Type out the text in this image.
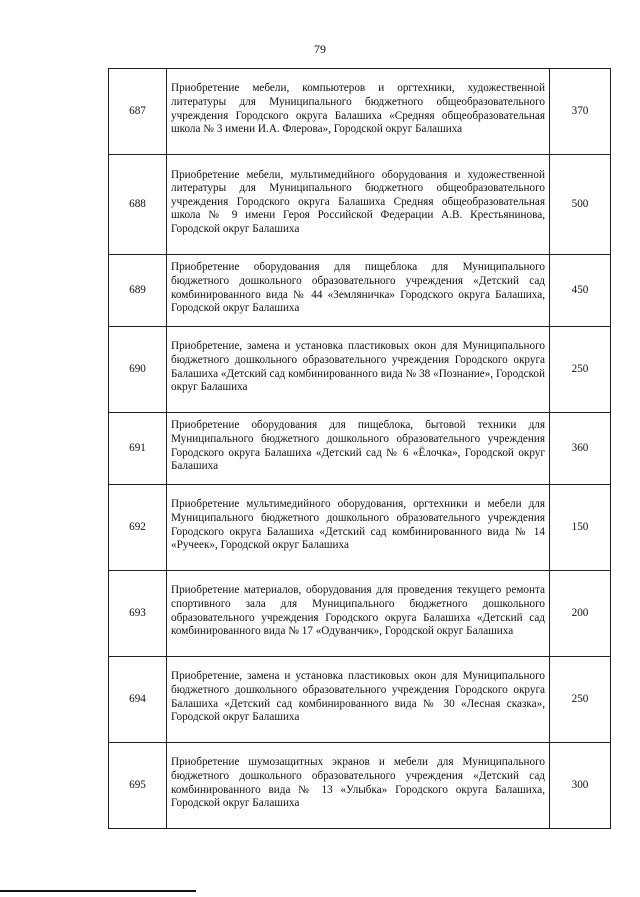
79
687	Приобретение мебели, компьютеров и оргтехники, художественной литературы для Муниципального бюджетного общеобразовательного учреждения Городского округа Балашиха «Средняя общеобразовательная школа № 3 имени И.А. Флерова», Городской округ Балашиха	370
688	Приобретение мебели, мультимедийного оборудования и художественной литературы для Муниципального бюджетного общеобразовательного учреждения Городского округа Балашиха Средняя общеобразовательная школа № 9 имени Героя Российской Федерации А.В. Крестьянинова, Городской округ Балашиха	500
689	Приобретение оборудования для пищеблока для Муниципального бюджетного дошкольного образовательного учреждения «Детский сад комбинированного вида № 44 «Земляничка» Городского округа Балашиха, Городской округ Балашиха	450
690	Приобретение, замена и установка пластиковых окон для Муниципального бюджетного дошкольного образовательного учреждения Городского округа Балашиха «Детский сад комбинированного вида № 38 «Познание», Городской округ Балашиха	250
691	Приобретение оборудования для пищеблока, бытовой техники для Муниципального бюджетного дошкольного образовательного учреждения Городского округа Балашиха «Детский сад № 6 «Ёлочка», Городской округ Балашиха	360
692	Приобретение мультимедийного оборудования, оргтехники и мебели для Муниципального бюджетного дошкольного образовательного учреждения Городского округа Балашиха «Детский сад комбинированного вида № 14 «Ручеек», Городской округ Балашиха	150
693	Приобретение материалов, оборудования для проведения текущего ремонта спортивного зала для Муниципального бюджетного дошкольного образовательного учреждения Городского округа Балашиха «Детский сад комбинированного вида № 17 «Одуванчик», Городской округ Балашиха	200
694	Приобретение, замена и установка пластиковых окон для Муниципального бюджетного дошкольного образовательного учреждения Городского округа Балашиха «Детский сад комбинированного вида № 30 «Лесная сказка», Городской округ Балашиха	250
695	Приобретение шумозащитных экранов и мебели для Муниципального бюджетного дошкольного образовательного учреждения «Детский сад комбинированного вида № 13 «Улыбка» Городского округа Балашиха, Городской округ Балашиха	300
